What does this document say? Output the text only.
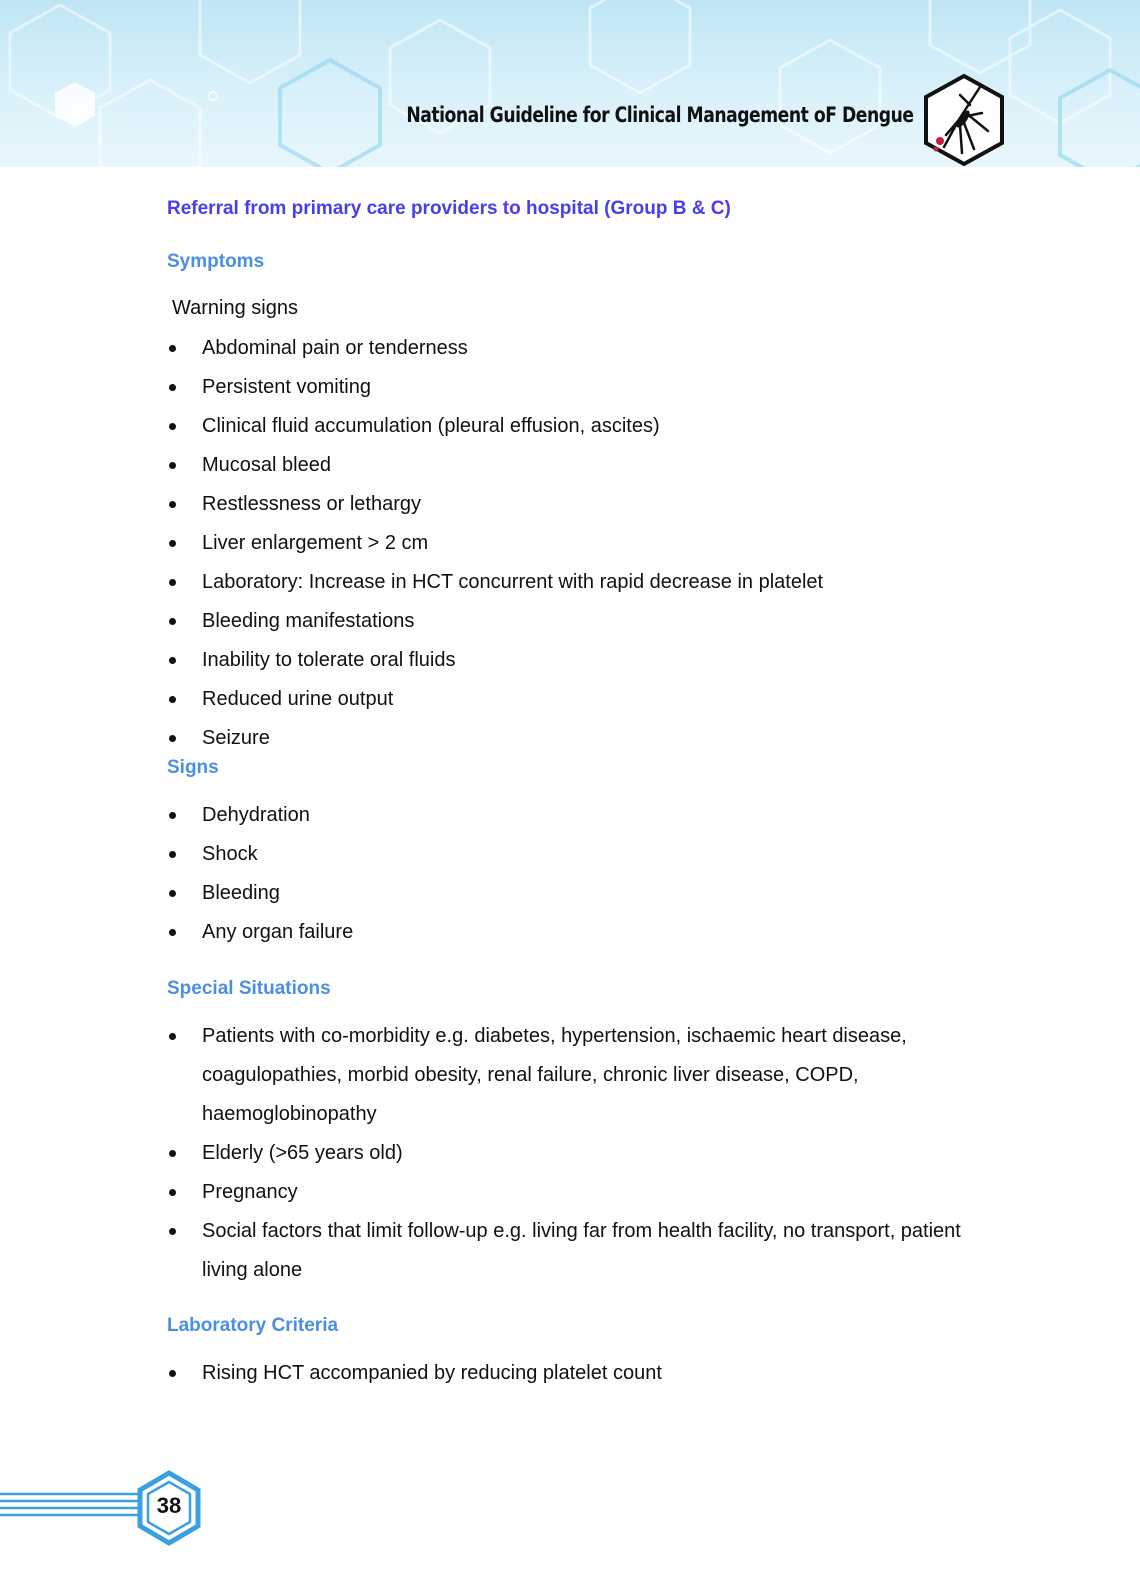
National Guideline for Clinical Management oF Dengue
Referral from primary care providers to hospital (Group B & C)
Symptoms
Warning signs
Abdominal pain or tenderness
Persistent vomiting
Clinical fluid accumulation (pleural effusion, ascites)
Mucosal bleed
Restlessness or lethargy
Liver enlargement > 2 cm
Laboratory: Increase in HCT concurrent with rapid decrease in platelet
Bleeding manifestations
Inability to tolerate oral fluids
Reduced urine output
Seizure
Signs
Dehydration
Shock
Bleeding
Any organ failure
Special Situations
Patients with co-morbidity e.g. diabetes, hypertension, ischaemic heart disease, coagulopathies, morbid obesity, renal failure, chronic liver disease, COPD, haemoglobinopathy
Elderly (>65 years old)
Pregnancy
Social factors that limit follow-up e.g. living far from health facility, no transport, patient living alone
Laboratory Criteria
Rising HCT accompanied by reducing platelet count
38
